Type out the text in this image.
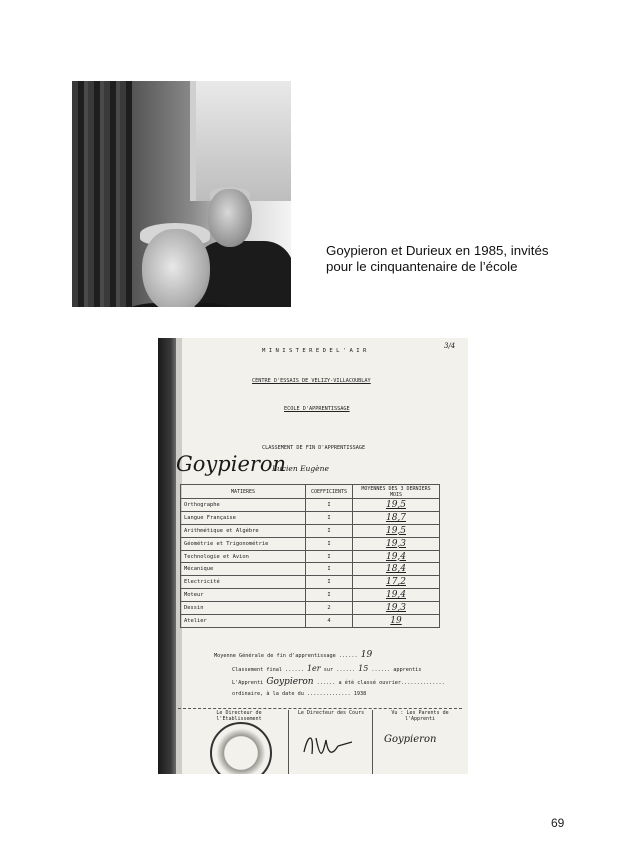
Goypieron et Durieux en 1985, invités
pour le cinquantenaire de l’école
M I N I S T E R E D E L ' A I R
3/4
CENTRE D'ESSAIS DE VELIZY-VILLACOUBLAY
ECOLE D'APPRENTISSAGE
CLASSEMENT DE FIN D'APPRENTISSAGE
Goypieron
Lucien Eugène
MATIERES	COEFFICIENTS	MOYENNES DES 3 DERNIERS MOIS
Orthographe	I	19,5
Langue Française	I	18,7
Arithmétique et Algèbre	I	19,5
Géométrie et Trigonométrie	I	19,3
Technologie et Avion	I	19,4
Mécanique	I	18,4
Electricité	I	17,2
Moteur	I	19,4
Dessin	2	19,3
Atelier	4	19
Moyenne Générale de fin d'apprentissage ...... 19
Classement final ...... 1er sur ...... 15 ...... apprentis
L'Apprenti Goypieron ...... a été classé ouvrier..............
ordinaire, à la date du .............. 1938
Le Directeur de l'Etablissement
Le Directeur des Cours	Vu : Les Parents de l'Apprenti
Goypieron
69
